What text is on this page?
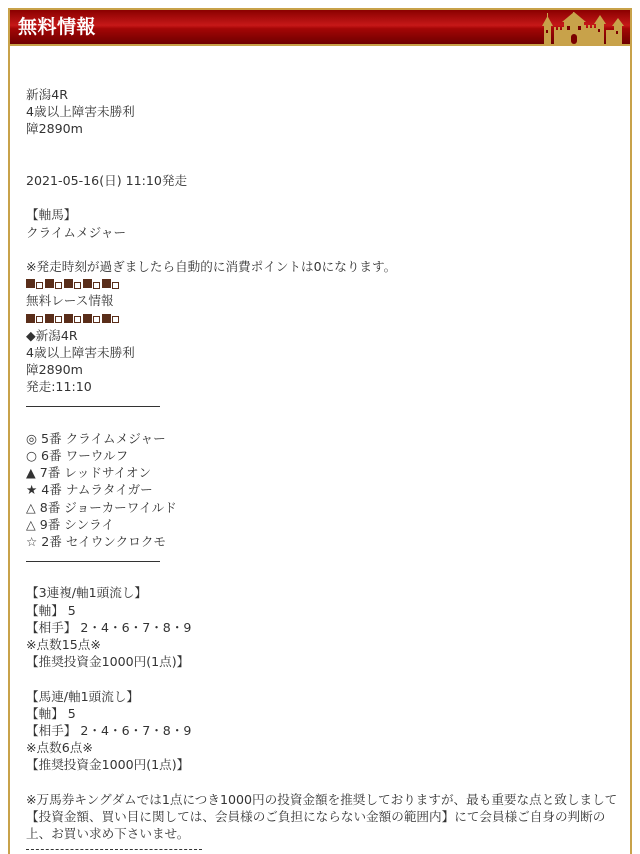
無料情報
新潟4R
4歳以上障害未勝利
障2890m
2021-05-16(日) 11:10発走
【軸馬】
クライムメジャー
※発走時刻が過ぎましたら自動的に消費ポイントは0になります。
無料レース情報
◆新潟4R
4歳以上障害未勝利
障2890m
発走:11:10
◎ 5番 クライムメジャー
○ 6番 ワーウルフ
▲ 7番 レッドサイオン
★ 4番 ナムラタイガー
△ 8番 ジョーカーワイルド
△ 9番 シンライ
☆ 2番 セイウンクロクモ
【3連複/軸1頭流し】
【軸】 5
【相手】 2・4・6・7・8・9
※点数15点※
【推奨投資金1000円(1点)】
【馬連/軸1頭流し】
【軸】 5
【相手】 2・4・6・7・8・9
※点数6点※
【推奨投資金1000円(1点)】
※万馬券キングダムでは1点につき1000円の投資金額を推奨しておりますが、最も重要な点と致しまして【投資金額、買い目に関しては、会員様のご負担にならない金額の範囲内】にて会員様ご自身の判断の上、お買い求め下さいませ。
